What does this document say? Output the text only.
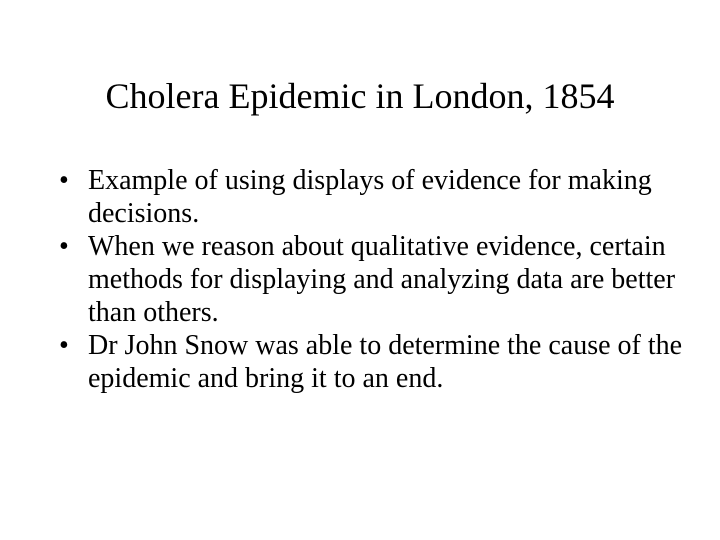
Cholera Epidemic in London, 1854
• Example of using displays of evidence for making decisions.
• When we reason about qualitative evidence, certain methods for displaying and analyzing data are better than others.
• Dr John Snow was able to determine the cause of the epidemic and bring it to an end.
